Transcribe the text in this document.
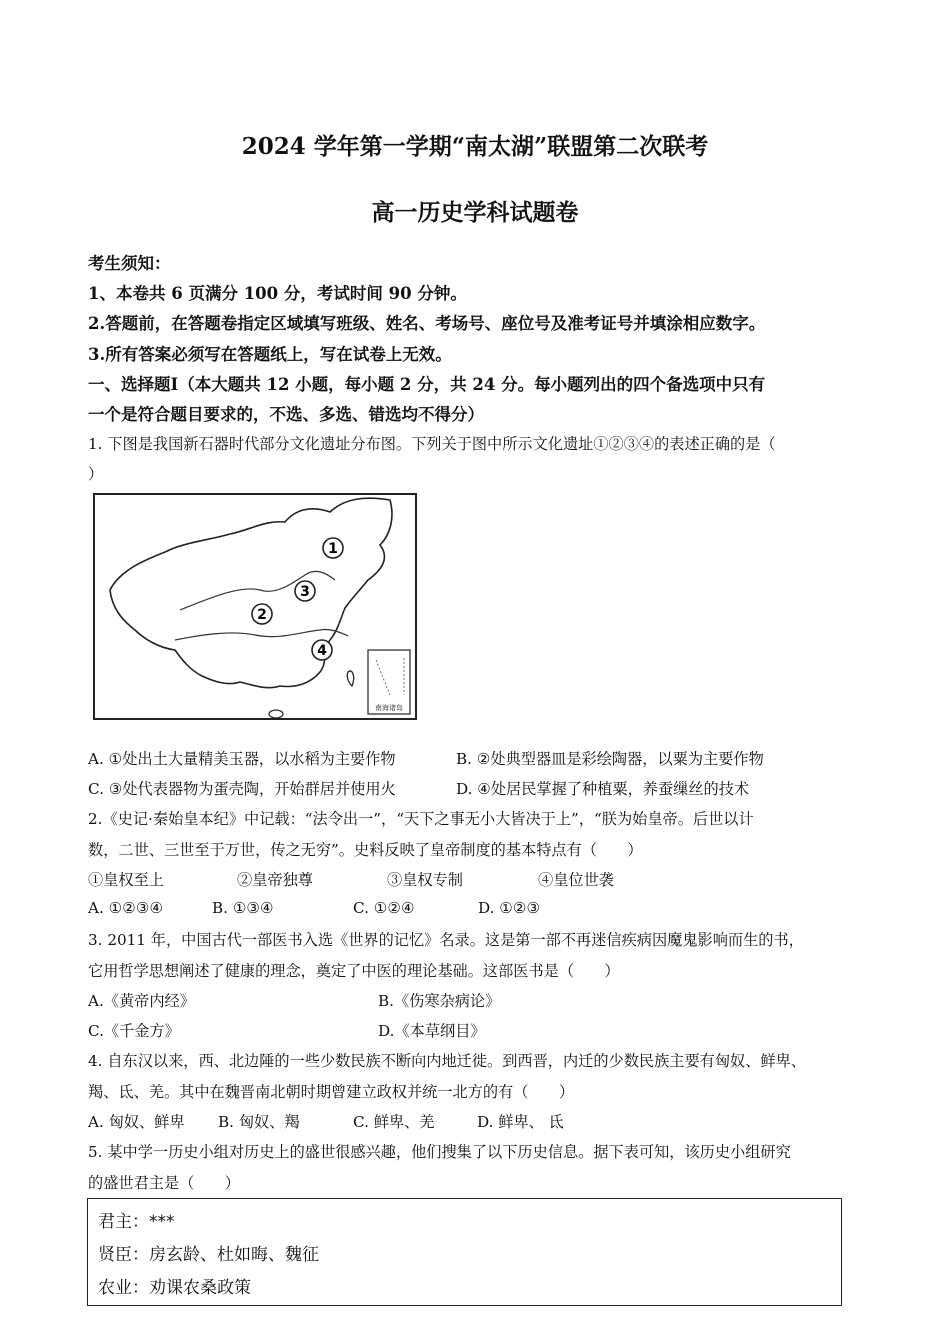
2024 学年第一学期“南太湖”联盟第二次联考
高一历史学科试题卷
考生须知：
1、本卷共 6 页满分 100 分，考试时间 90 分钟。
2.答题前，在答题卷指定区域填写班级、姓名、考场号、座位号及准考证号并填涂相应数字。
3.所有答案必须写在答题纸上，写在试卷上无效。
一、选择题Ⅰ（本大题共 12 小题，每小题 2 分，共 24 分。每小题列出的四个备选项中只有
一个是符合题目要求的，不选、多选、错选均不得分）
1. 下图是我国新石器时代部分文化遗址分布图。下列关于图中所示文化遗址①②③④的表述正确的是（
）
南海诸岛
1
2
3
4
A. ①处出土大量精美玉器，以水稻为主要作物	B. ②处典型器皿是彩绘陶器，以粟为主要作物
C. ③处代表器物为蛋壳陶，开始群居并使用火	D. ④处居民掌握了种植粟，养蚕缫丝的技术
2.《史记·秦始皇本纪》中记载：“法令出一”，“天下之事无小大皆决于上”，“朕为始皇帝。后世以计
数，二世、三世至于万世，传之无穷”。史料反映了皇帝制度的基本特点有（　　）
①皇权至上	②皇帝独尊	③皇权专制	④皇位世袭
A. ①②③④	B. ①③④	C. ①②④	D. ①②③
3. 2011 年，中国古代一部医书入选《世界的记忆》名录。这是第一部不再迷信疾病因魔鬼影响而生的书，
它用哲学思想阐述了健康的理念，奠定了中医的理论基础。这部医书是（　　）
A.《黄帝内经》	B.《伤寒杂病论》
C.《千金方》	D.《本草纲目》
4. 自东汉以来，西、北边陲的一些少数民族不断向内地迁徙。到西晋，内迁的少数民族主要有匈奴、鲜卑、
羯、氐、羌。其中在魏晋南北朝时期曾建立政权并统一北方的有（　　）
A. 匈奴、鲜卑 B. 匈奴、羯	C. 鲜卑、羌	D. 鲜卑、 氐
5. 某中学一历史小组对历史上的盛世很感兴趣，他们搜集了以下历史信息。据下表可知，该历史小组研究
的盛世君主是（　　）
君主：***
贤臣：房玄龄、杜如晦、魏征
农业：劝课农桑政策
